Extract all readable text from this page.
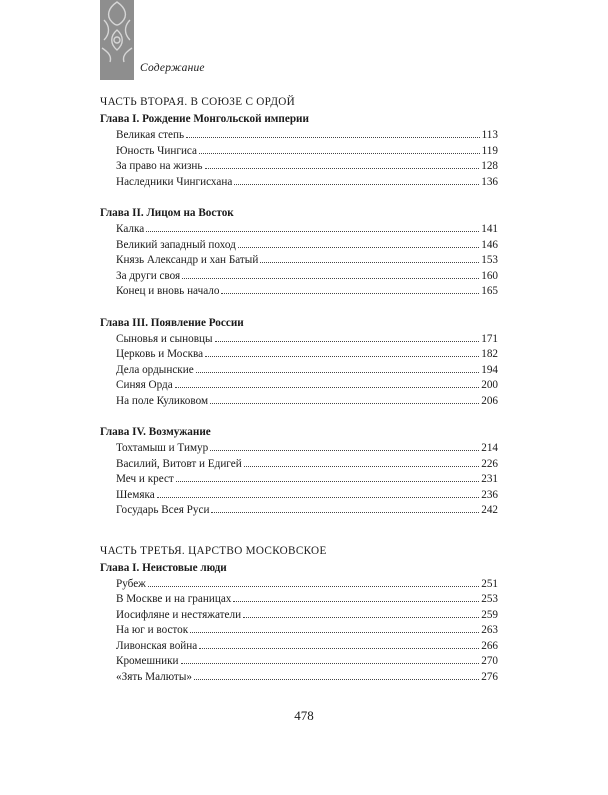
Содержание
ЧАСТЬ ВТОРАЯ. В СОЮЗЕ С ОРДОЙ
Глава I. Рождение Монгольской империи
Великая степь	113
Юность Чингиса	119
За право на жизнь	128
Наследники Чингисхана	136
Глава II. Лицом на Восток
Калка	141
Великий западный поход	146
Князь Александр и хан Батый	153
За други своя	160
Конец и вновь начало	165
Глава III. Появление России
Сыновья и сыновцы	171
Церковь и Москва	182
Дела ордынские	194
Синяя Орда	200
На поле Куликовом	206
Глава IV. Возмужание
Тохтамыш и Тимур	214
Василий, Витовт и Едигей	226
Меч и крест	231
Шемяка	236
Государь Всея Руси	242
ЧАСТЬ ТРЕТЬЯ. ЦАРСТВО МОСКОВСКОЕ
Глава I. Неистовые люди
Рубеж	251
В Москве и на границах	253
Иосифляне и нестяжатели	259
На юг и восток	263
Ливонская война	266
Кромешники	270
«Зять Малюты»	276
478
